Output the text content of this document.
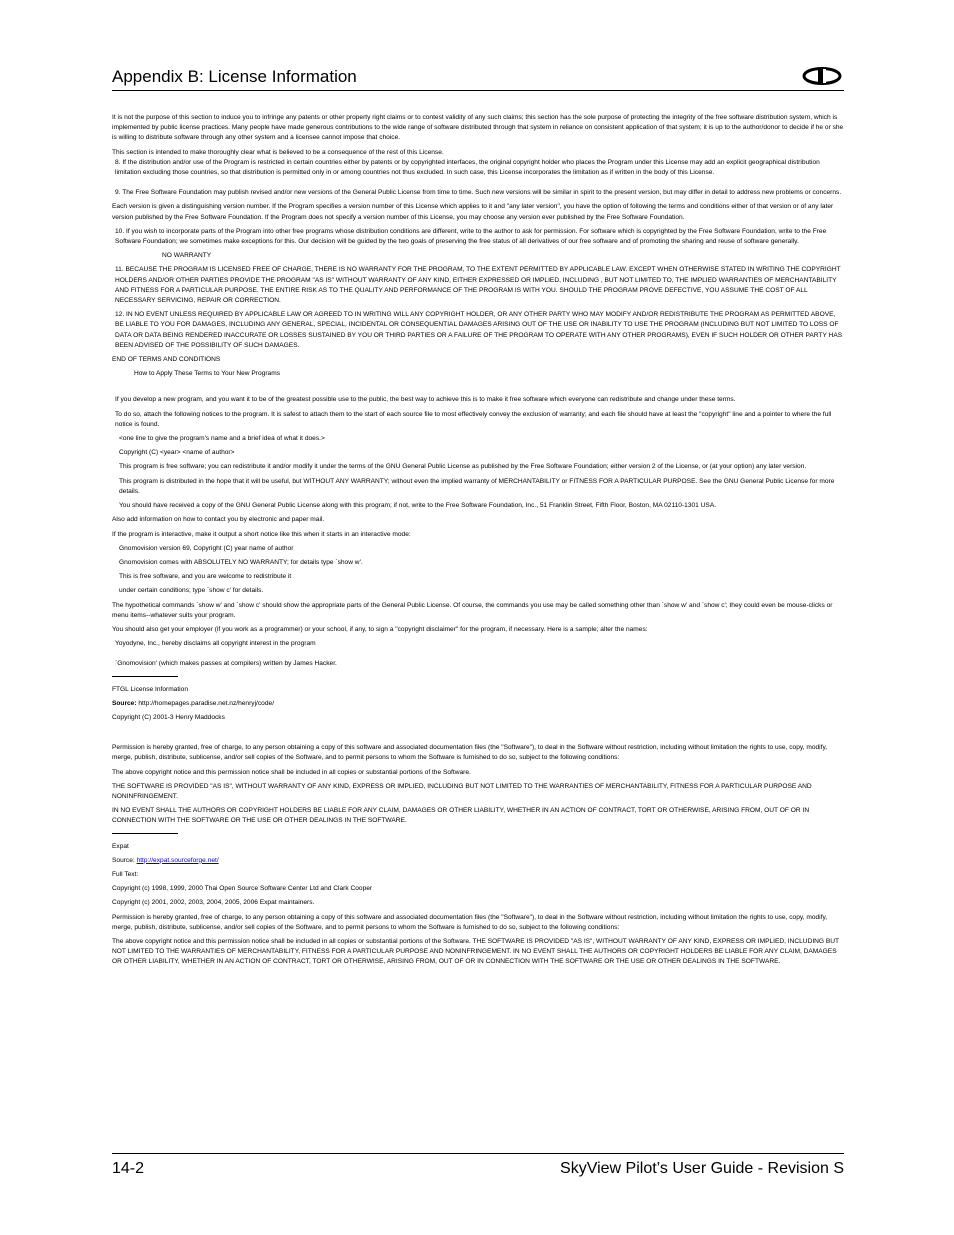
Appendix B: License Information

It is not the purpose of this section to induce you to infringe any patents or other property right claims or to contest validity of any such claims; this section has the sole purpose of protecting the integrity of the free software distribution system, which is implemented by public license practices. Many people have made generous contributions to the wide range of software distributed through that system in reliance on consistent application of that system; it is up to the author/donor to decide if he or she is willing to distribute software through any other system and a licensee cannot impose that choice.

This section is intended to make thoroughly clear what is believed to be a consequence of the rest of this License.

8. If the distribution and/or use of the Program is restricted in certain countries either by patents or by copyrighted interfaces, the original copyright holder who places the Program under this License may add an explicit geographical distribution limitation excluding those countries, so that distribution is permitted only in or among countries not thus excluded. In such case, this License incorporates the limitation as if written in the body of this License.

9. The Free Software Foundation may publish revised and/or new versions of the General Public License from time to time. Such new versions will be similar in spirit to the present version, but may differ in detail to address new problems or concerns.

Each version is given a distinguishing version number. If the Program specifies a version number of this License which applies to it and "any later version", you have the option of following the terms and conditions either of that version or of any later version published by the Free Software Foundation. If the Program does not specify a version number of this License, you may choose any version ever published by the Free Software Foundation.

10. If you wish to incorporate parts of the Program into other free programs whose distribution conditions are different, write to the author to ask for permission. For software which is copyrighted by the Free Software Foundation, write to the Free Software Foundation; we sometimes make exceptions for this. Our decision will be guided by the two goals of preserving the free status of all derivatives of our free software and of promoting the sharing and reuse of software generally.

NO WARRANTY

11. BECAUSE THE PROGRAM IS LICENSED FREE OF CHARGE, THERE IS NO WARRANTY FOR THE PROGRAM, TO THE EXTENT PERMITTED BY APPLICABLE LAW. EXCEPT WHEN OTHERWISE STATED IN WRITING THE COPYRIGHT HOLDERS AND/OR OTHER PARTIES PROVIDE THE PROGRAM "AS IS" WITHOUT WARRANTY OF ANY KIND, EITHER EXPRESSED OR IMPLIED, INCLUDING , BUT NOT LIMITED TO, THE IMPLIED WARRANTIES OF MERCHANTABILITY AND FITNESS FOR A PARTICULAR PURPOSE. THE ENTIRE RISK AS TO THE QUALITY AND PERFORMANCE OF THE PROGRAM IS WITH YOU. SHOULD THE PROGRAM PROVE DEFECTIVE, YOU ASSUME THE COST OF ALL NECESSARY SERVICING, REPAIR OR CORRECTION.

12. IN NO EVENT UNLESS REQUIRED BY APPLICABLE LAW OR AGREED TO IN WRITING WILL ANY COPYRIGHT HOLDER, OR ANY OTHER PARTY WHO MAY MODIFY AND/OR REDISTRIBUTE THE PROGRAM AS PERMITTED ABOVE, BE LIABLE TO YOU FOR DAMAGES, INCLUDING ANY GENERAL, SPECIAL, INCIDENTAL OR CONSEQUENTIAL DAMAGES ARISING OUT OF THE USE OR INABILITY TO USE THE PROGRAM (INCLUDING BUT NOT LIMITED TO LOSS OF DATA OR DATA BEING RENDERED INACCURATE OR LOSSES SUSTAINED BY YOU OR THIRD PARTIES OR A FAILURE OF THE PROGRAM TO OPERATE WITH ANY OTHER PROGRAMS), EVEN IF SUCH HOLDER OR OTHER PARTY HAS BEEN ADVISED OF THE POSSIBILITY OF SUCH DAMAGES.

END OF TERMS AND CONDITIONS

How to Apply These Terms to Your New Programs

If you develop a new program, and you want it to be of the greatest possible use to the public, the best way to achieve this is to make it free software which everyone can redistribute and change under these terms.

To do so, attach the following notices to the program. It is safest to attach them to the start of each source file to most effectively convey the exclusion of warranty; and each file should have at least the "copyright" line and a pointer to where the full notice is found.

<one line to give the program's name and a brief idea of what it does.>

Copyright (C) <year> <name of author>

This program is free software; you can redistribute it and/or modify it under the terms of the GNU General Public License as published by the Free Software Foundation; either version 2 of the License, or (at your option) any later version.

This program is distributed in the hope that it will be useful, but WITHOUT ANY WARRANTY; without even the implied warranty of MERCHANTABILITY or FITNESS FOR A PARTICULAR PURPOSE. See the GNU General Public License for more details.

You should have received a copy of the GNU General Public License along with this program; if not, write to the Free Software Foundation, Inc., 51 Franklin Street, Fifth Floor, Boston, MA 02110-1301 USA.

Also add information on how to contact you by electronic and paper mail.

If the program is interactive, make it output a short notice like this when it starts in an interactive mode:

Gnomovision version 69, Copyright (C) year name of author

Gnomovision comes with ABSOLUTELY NO WARRANTY; for details type `show w'.

This is free software, and you are welcome to redistribute it

under certain conditions; type `show c' for details.

The hypothetical commands `show w' and `show c' should show the appropriate parts of the General Public License. Of course, the commands you use may be called something other than `show w' and `show c'; they could even be mouse-clicks or menu items--whatever suits your program.

You should also get your employer (if you work as a programmer) or your school, if any, to sign a "copyright disclaimer" for the program, if necessary. Here is a sample; alter the names:

Yoyodyne, Inc., hereby disclaims all copyright interest in the program

`Gnomovision' (which makes passes at compilers) written by James Hacker.

FTGL License Information

Source: http://homepages.paradise.net.nz/henryj/code/

Copyright (C) 2001-3 Henry Maddocks

Permission is hereby granted, free of charge, to any person obtaining a copy of this software and associated documentation files (the "Software"), to deal in the Software without restriction, including without limitation the rights to use, copy, modify, merge, publish, distribute, sublicense, and/or sell copies of the Software, and to permit persons to whom the Software is furnished to do so, subject to the following conditions:

The above copyright notice and this permission notice shall be included in all copies or substantial portions of the Software.

THE SOFTWARE IS PROVIDED "AS IS", WITHOUT WARRANTY OF ANY KIND, EXPRESS OR IMPLIED, INCLUDING BUT NOT LIMITED TO THE WARRANTIES OF MERCHANTABILITY, FITNESS FOR A PARTICULAR PURPOSE AND NONINFRINGEMENT.

IN NO EVENT SHALL THE AUTHORS OR COPYRIGHT HOLDERS BE LIABLE FOR ANY CLAIM, DAMAGES OR OTHER LIABILITY, WHETHER IN AN ACTION OF CONTRACT, TORT OR OTHERWISE, ARISING FROM, OUT OF OR IN CONNECTION WITH THE SOFTWARE OR THE USE OR OTHER DEALINGS IN THE SOFTWARE.

Expat

Source: http://expat.sourceforge.net/

Full Text:

Copyright (c) 1998, 1999, 2000 Thai Open Source Software Center Ltd and Clark Cooper

Copyright (c) 2001, 2002, 2003, 2004, 2005, 2006 Expat maintainers.

Permission is hereby granted, free of charge, to any person obtaining a copy of this software and associated documentation files (the "Software"), to deal in the Software without restriction, including without limitation the rights to use, copy, modify, merge, publish, distribute, sublicense, and/or sell copies of the Software, and to permit persons to whom the Software is furnished to do so, subject to the following conditions:

The above copyright notice and this permission notice shall be included in all copies or substantial portions of the Software. THE SOFTWARE IS PROVIDED "AS IS", WITHOUT WARRANTY OF ANY KIND, EXPRESS OR IMPLIED, INCLUDING BUT NOT LIMITED TO THE WARRANTIES OF MERCHANTABILITY, FITNESS FOR A PARTICULAR PURPOSE AND NONINFRINGEMENT. IN NO EVENT SHALL THE AUTHORS OR COPYRIGHT HOLDERS BE LIABLE FOR ANY CLAIM, DAMAGES OR OTHER LIABILITY, WHETHER IN AN ACTION OF CONTRACT, TORT OR OTHERWISE, ARISING FROM, OUT OF OR IN CONNECTION WITH THE SOFTWARE OR THE USE OR OTHER DEALINGS IN THE SOFTWARE.

14-2	SkyView Pilot’s User Guide - Revision S
